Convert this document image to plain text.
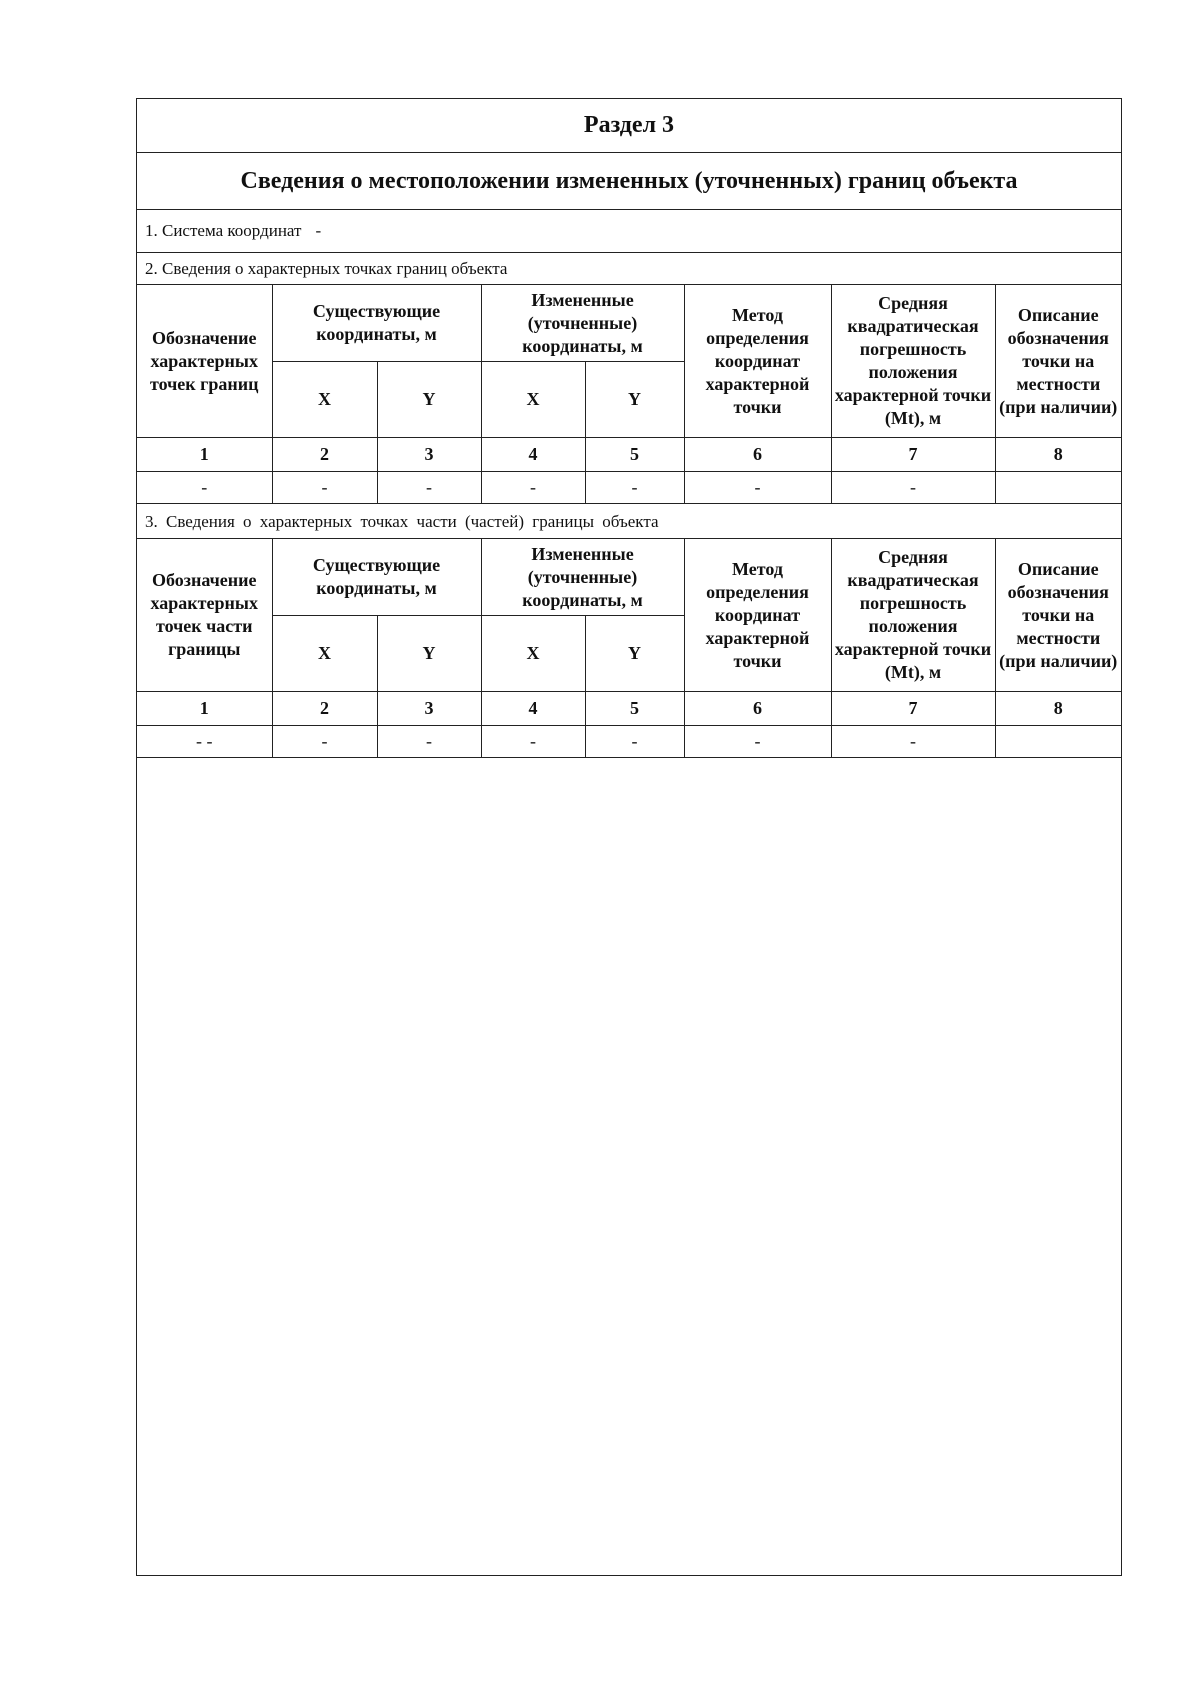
Раздел 3
Сведения о местоположении измененных (уточненных) границ объекта
1. Система координат -
2. Сведения о характерных точках границ объекта
Обозначение характерных точек границ	Существующие координаты, м		Измененные (уточненные) координаты, м		Метод определения координат характерной точки	Средняя квадратическая погрешность положения характерной точки (Mt), м	Описание обозначения точки на местности (при наличии)
	X	Y	X	Y			
1	2	3	4	5	6	7	8
-	-	-	-	-	-	-	
3. Сведения о характерных точках части (частей) границы объекта
Обозначение характерных точек части границы	Существующие координаты, м		Измененные (уточненные) координаты, м		Метод определения координат характерной точки	Средняя квадратическая погрешность положения характерной точки (Mt), м	Описание обозначения точки на местности (при наличии)
	X	Y	X	Y			
1	2	3	4	5	6	7	8
- -	-	-	-	-	-	-	
